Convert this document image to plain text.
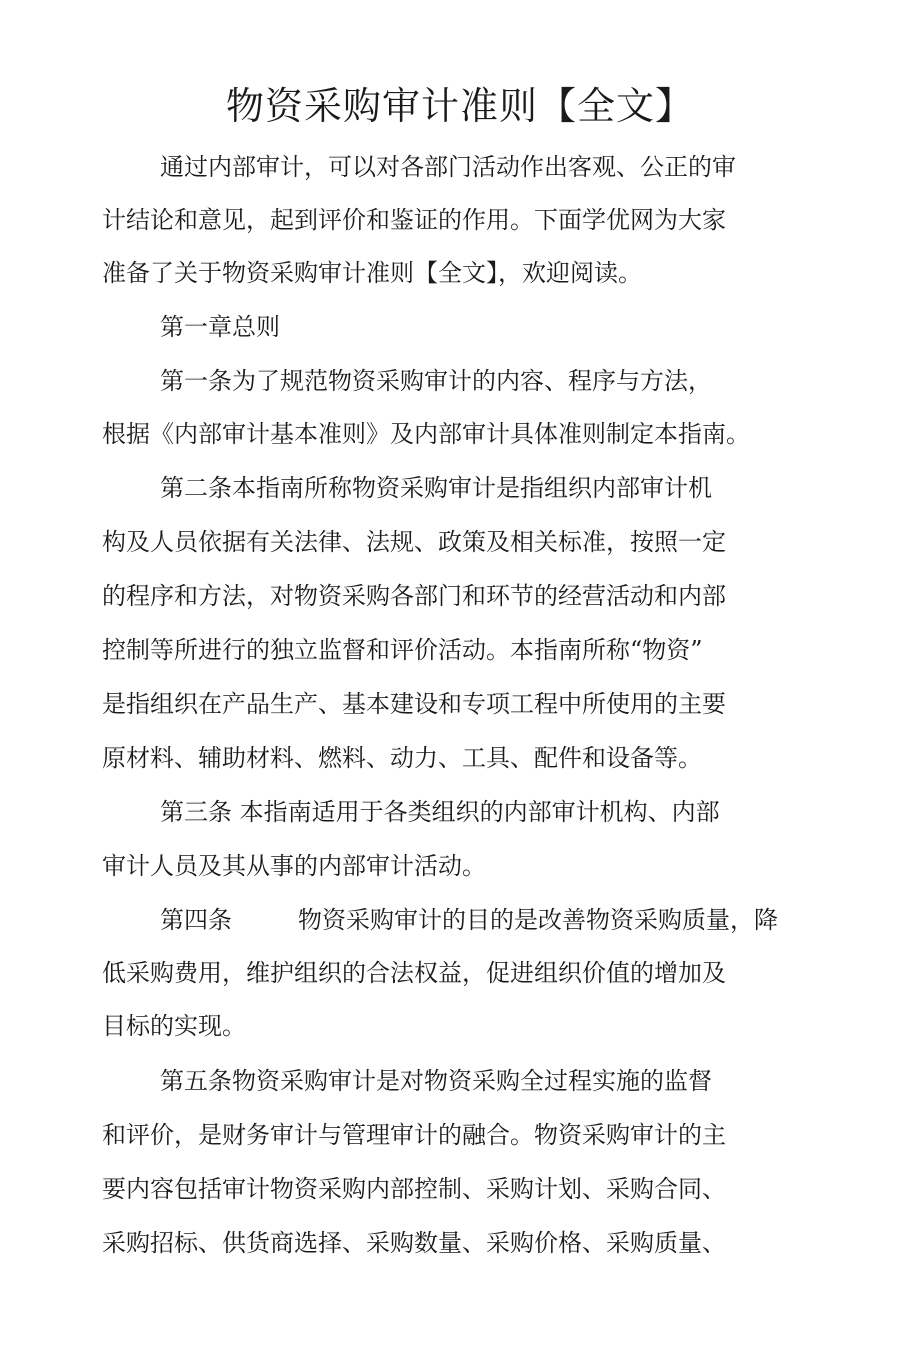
物资采购审计准则【全文】
通过内部审计，可以对各部门活动作出客观、公正的审
计结论和意见，起到评价和鉴证的作用。下面学优网为大家
准备了关于物资采购审计准则【全文】，欢迎阅读。
第一章总则
第一条为了规范物资采购审计的内容、程序与方法，
根据《内部审计基本准则》及内部审计具体准则制定本指南。
第二条本指南所称物资采购审计是指组织内部审计机
构及人员依据有关法律、法规、政策及相关标准，按照一定
的程序和方法，对物资采购各部门和环节的经营活动和内部
控制等所进行的独立监督和评价活动。本指南所称“物资”
是指组织在产品生产、基本建设和专项工程中所使用的主要
原材料、辅助材料、燃料、动力、工具、配件和设备等。
第三条 本指南适用于各类组织的内部审计机构、内部
审计人员及其从事的内部审计活动。
第四条	物资采购审计的目的是改善物资采购质量，降
低采购费用，维护组织的合法权益，促进组织价值的增加及
目标的实现。
第五条物资采购审计是对物资采购全过程实施的监督
和评价，是财务审计与管理审计的融合。物资采购审计的主
要内容包括审计物资采购内部控制、采购计划、采购合同、
采购招标、供货商选择、采购数量、采购价格、采购质量、
